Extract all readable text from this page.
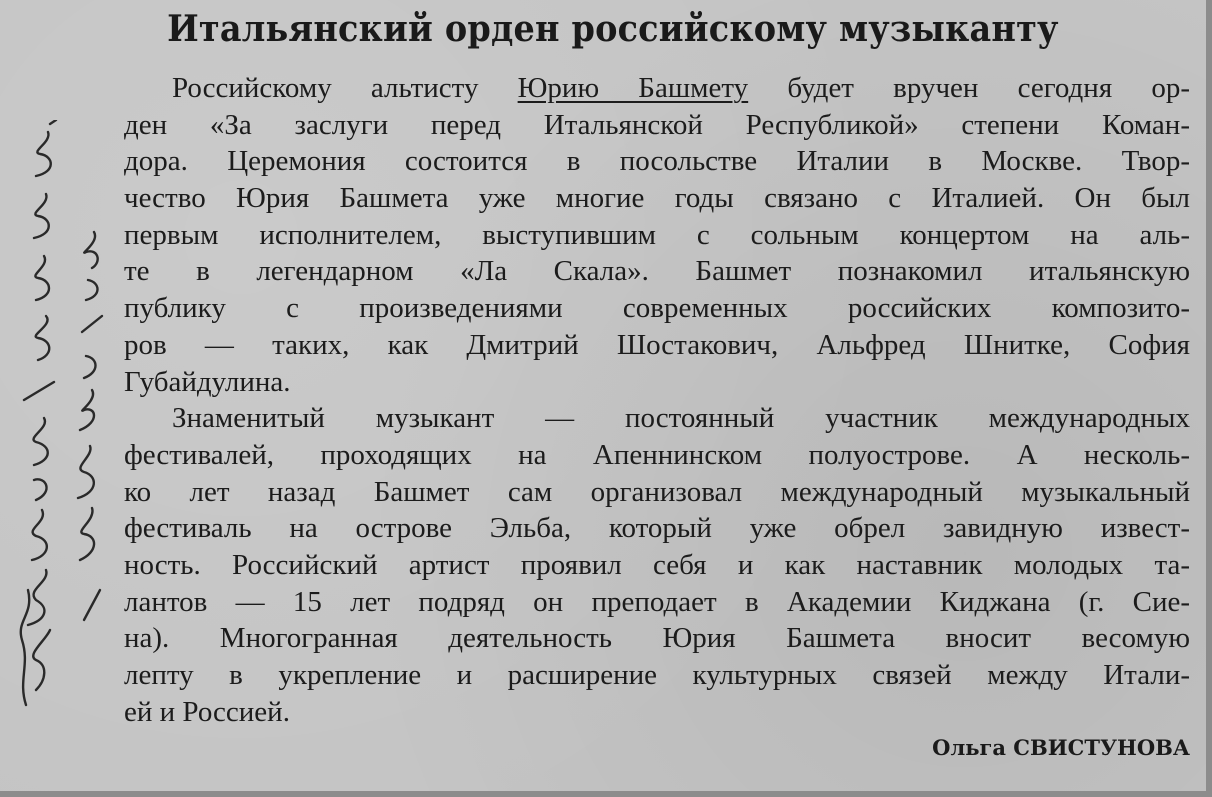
Итальянский орден российскому музыканту
Российскому альтисту Юрию Башмету будет вручен сегодня ор-
ден «За заслуги перед Итальянской Республикой» степени Коман-
дора. Церемония состоится в посольстве Италии в Москве. Твор-
чество Юрия Башмета уже многие годы связано с Италией. Он был
первым исполнителем, выступившим с сольным концертом на аль-
те в легендарном «Ла Скала». Башмет познакомил итальянскую
публику с произведениями современных российских композито-
ров — таких, как Дмитрий Шостакович, Альфред Шнитке, София
Губайдулина.
Знаменитый музыкант — постоянный участник международных
фестивалей, проходящих на Апеннинском полуострове. А несколь-
ко лет назад Башмет сам организовал международный музыкальный
фестиваль на острове Эльба, который уже обрел завидную извест-
ность. Российский артист проявил себя и как наставник молодых та-
лантов — 15 лет подряд он преподает в Академии Киджана (г. Сие-
на). Многогранная деятельность Юрия Башмета вносит весомую
лепту в укрепление и расширение культурных связей между Итали-
ей и Россией.
Ольга СВИСТУНОВА
